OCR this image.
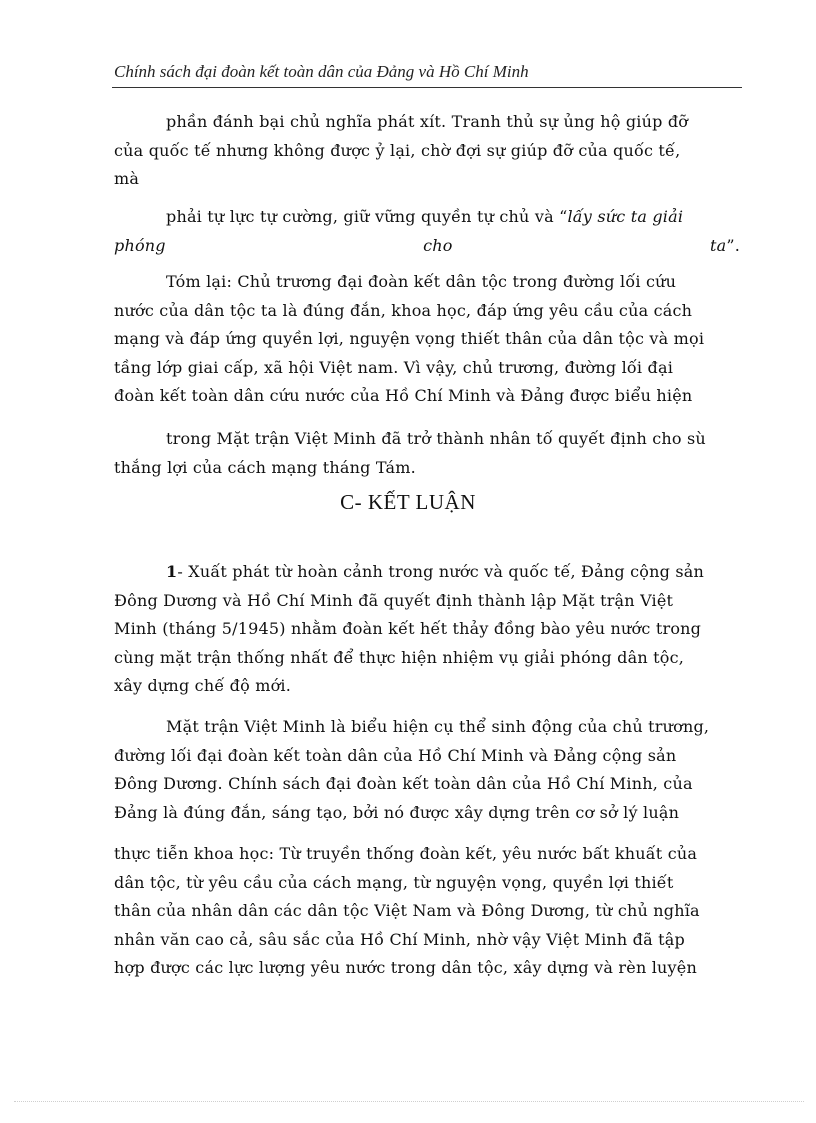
Chính sách đại đoàn kết toàn dân của Đảng và Hồ Chí Minh
phần đánh bại chủ nghĩa phát xít. Tranh thủ sự ủng hộ giúp đỡ
của quốc tế nhưng không được ỷ lại, chờ đợi sự giúp đỡ của quốc tế,
mà
phải tự lực tự cường, giữ vững quyền tự chủ và “lấy sức ta giải
phóng	cho	ta”.
Tóm lại: Chủ trương đại đoàn kết dân tộc trong đường lối cứu
nước của dân tộc ta là đúng đắn, khoa học, đáp ứng yêu cầu của cách
mạng và đáp ứng quyền lợi, nguyện vọng thiết thân của dân tộc và mọi
tầng lớp giai cấp, xã hội Việt nam. Vì vậy, chủ trương, đường lối đại
đoàn kết toàn dân cứu nước của Hồ Chí Minh và Đảng được biểu hiện
trong Mặt trận Việt Minh đã trở thành nhân tố quyết định cho sù
thắng lợi của cách mạng tháng Tám.
C- KẾT LUẬN
1- Xuất phát từ hoàn cảnh trong nước và quốc tế, Đảng cộng sản
Đông Dương và Hồ Chí Minh đã quyết định thành lập Mặt trận Việt
Minh (tháng 5/1945) nhằm đoàn kết hết thảy đồng bào yêu nước trong
cùng mặt trận thống nhất để thực hiện nhiệm vụ giải phóng dân tộc,
xây dựng chế độ mới.
Mặt trận Việt Minh là biểu hiện cụ thể sinh động của chủ trương,
đường lối đại đoàn kết toàn dân của Hồ Chí Minh và Đảng cộng sản
Đông Dương. Chính sách đại đoàn kết toàn dân của Hồ Chí Minh, của
Đảng là đúng đắn, sáng tạo, bởi nó được xây dựng trên cơ sở lý luận
thực tiễn khoa học: Từ truyền thống đoàn kết, yêu nước bất khuất của
dân tộc, từ yêu cầu của cách mạng, từ nguyện vọng, quyền lợi thiết
thân của nhân dân các dân tộc Việt Nam và Đông Dương, từ chủ nghĩa
nhân văn cao cả, sâu sắc của Hồ Chí Minh, nhờ vậy Việt Minh đã tập
hợp được các lực lượng yêu nước trong dân tộc, xây dựng và rèn luyện
